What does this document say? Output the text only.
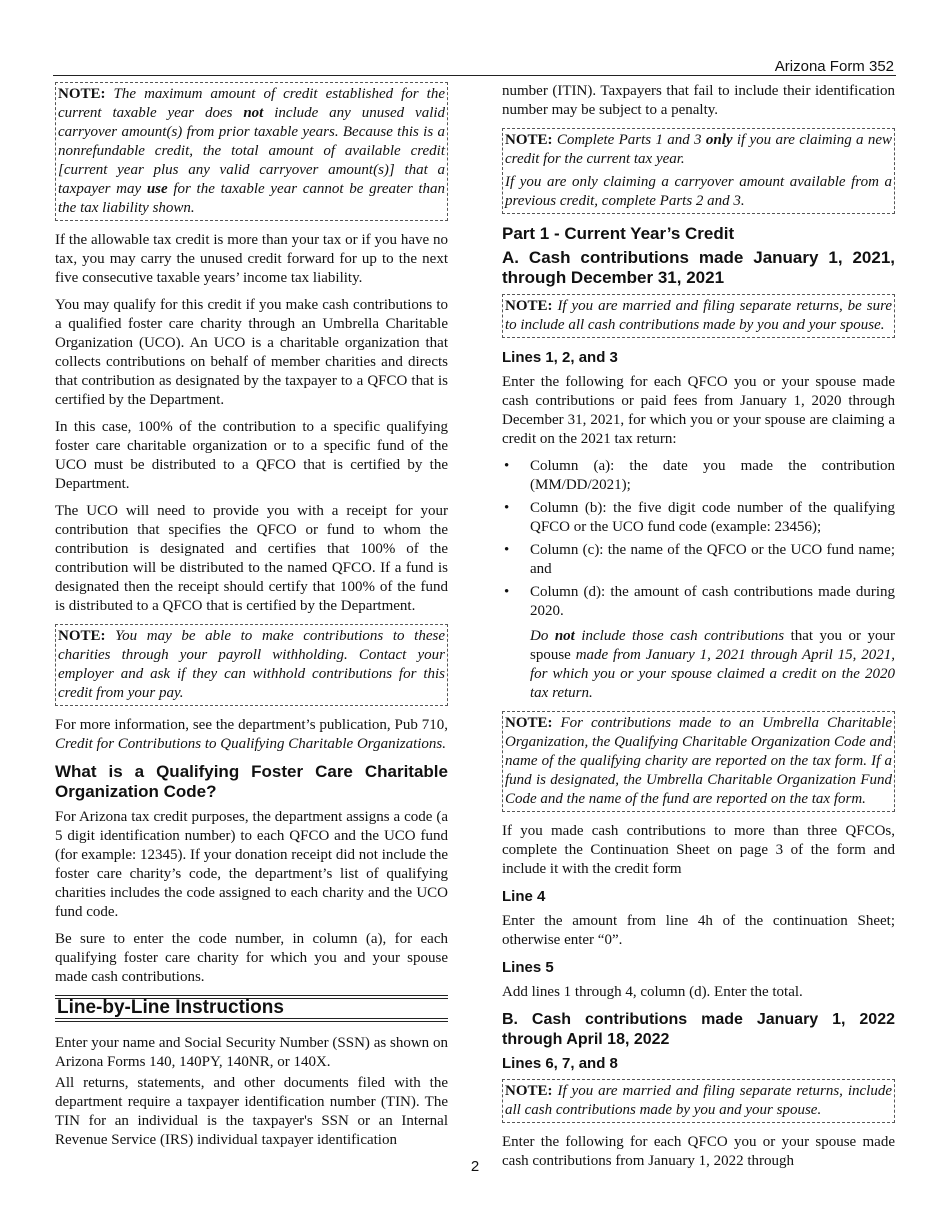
Arizona Form 352
NOTE: The maximum amount of credit established for the current taxable year does not include any unused valid carryover amount(s) from prior taxable years. Because this is a nonrefundable credit, the total amount of available credit [current year plus any valid carryover amount(s)] that a taxpayer may use for the taxable year cannot be greater than the tax liability shown.

If the allowable tax credit is more than your tax or if you have no tax, you may carry the unused credit forward for up to the next five consecutive taxable years’ income tax liability.

You may qualify for this credit if you make cash contributions to a qualified foster care charity through an Umbrella Charitable Organization (UCO). An UCO is a charitable organization that collects contributions on behalf of member charities and directs that contribution as designated by the taxpayer to a QFCO that is certified by the Department.

In this case, 100% of the contribution to a specific qualifying foster care charitable organization or to a specific fund of the UCO must be distributed to a QFCO that is certified by the Department.

The UCO will need to provide you with a receipt for your contribution that specifies the QFCO or fund to whom the contribution is designated and certifies that 100% of the contribution will be distributed to the named QFCO. If a fund is designated then the receipt should certify that 100% of the fund is distributed to a QFCO that is certified by the Department.

NOTE: You may be able to make contributions to these charities through your payroll withholding. Contact your employer and ask if they can withhold contributions for this credit from your pay.

For more information, see the department’s publication, Pub 710, Credit for Contributions to Qualifying Charitable Organizations.

What is a Qualifying Foster Care Charitable Organization Code?

For Arizona tax credit purposes, the department assigns a code (a 5 digit identification number) to each QFCO and the UCO fund (for example: 12345). If your donation receipt did not include the foster care charity’s code, the department’s list of qualifying charities includes the code assigned to each charity and the UCO fund code.

Be sure to enter the code number, in column (a), for each qualifying foster care charity for which you and your spouse made cash contributions.

Line-by-Line Instructions

Enter your name and Social Security Number (SSN) as shown on Arizona Forms 140, 140PY, 140NR, or 140X.

All returns, statements, and other documents filed with the department require a taxpayer identification number (TIN). The TIN for an individual is the taxpayer's SSN or an Internal Revenue Service (IRS) individual taxpayer identification

number (ITIN). Taxpayers that fail to include their identification number may be subject to a penalty.

NOTE: Complete Parts 1 and 3 only if you are claiming a new credit for the current tax year.

If you are only claiming a carryover amount available from a previous credit, complete Parts 2 and 3.

Part 1 - Current Year’s Credit
A. Cash contributions made January 1, 2021, through December 31, 2021
NOTE: If you are married and filing separate returns, be sure to include all cash contributions made by you and your spouse.
Lines 1, 2, and 3

Enter the following for each QFCO you or your spouse made cash contributions or paid fees from January 1, 2020 through December 31, 2021, for which you or your spouse are claiming a credit on the 2021 tax return:

• Column (a): the date you made the contribution (MM/DD/2021);
• Column (b): the five digit code number of the qualifying QFCO or the UCO fund code (example: 23456);
• Column (c): the name of the QFCO or the UCO fund name; and
• Column (d): the amount of cash contributions made during 2020.
Do not include those cash contributions that you or your spouse made from January 1, 2021 through April 15, 2021, for which you or your spouse claimed a credit on the 2020 tax return.
NOTE: For contributions made to an Umbrella Charitable Organization, the Qualifying Charitable Organization Code and name of the qualifying charity are reported on the tax form. If a fund is designated, the Umbrella Charitable Organization Fund Code and the name of the fund are reported on the tax form.

If you made cash contributions to more than three QFCOs, complete the Continuation Sheet on page 3 of the form and include it with the credit form

Line 4

Enter the amount from line 4h of the continuation Sheet; otherwise enter “0”.

Lines 5

Add lines 1 through 4, column (d). Enter the total.

B. Cash contributions made January 1, 2022 through April 18, 2022
Lines 6, 7, and 8
NOTE: If you are married and filing separate returns, include all cash contributions made by you and your spouse.

Enter the following for each QFCO you or your spouse made cash contributions from January 1, 2022 through

2
